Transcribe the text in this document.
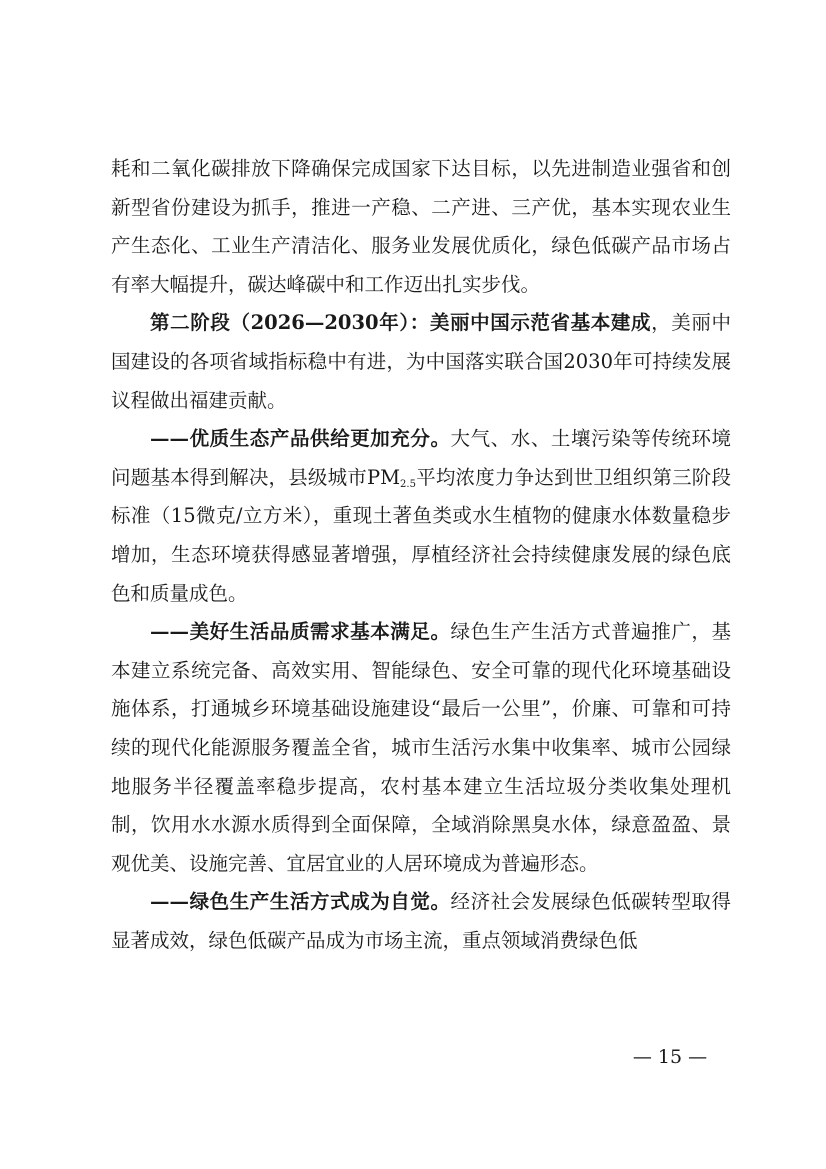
耗和二氧化碳排放下降确保完成国家下达目标，以先进制造业强省和创新型省份建设为抓手，推进一产稳、二产进、三产优，基本实现农业生产生态化、工业生产清洁化、服务业发展优质化，绿色低碳产品市场占有率大幅提升，碳达峰碳中和工作迈出扎实步伐。

第二阶段（2026—2030年）：美丽中国示范省基本建成，美丽中国建设的各项省域指标稳中有进，为中国落实联合国2030年可持续发展议程做出福建贡献。

——优质生态产品供给更加充分。大气、水、土壤污染等传统环境问题基本得到解决，县级城市$PM_{2.5}$平均浓度力争达到世卫组织第三阶段标准（15微克/立方米），重现土著鱼类或水生植物的健康水体数量稳步增加，生态环境获得感显著增强，厚植经济社会持续健康发展的绿色底色和质量成色。

——美好生活品质需求基本满足。绿色生产生活方式普遍推广，基本建立系统完备、高效实用、智能绿色、安全可靠的现代化环境基础设施体系，打通城乡环境基础设施建设“最后一公里”，价廉、可靠和可持续的现代化能源服务覆盖全省，城市生活污水集中收集率、城市公园绿地服务半径覆盖率稳步提高，农村基本建立生活垃圾分类收集处理机制，饮用水水源水质得到全面保障，全域消除黑臭水体，绿意盈盈、景观优美、设施完善、宜居宜业的人居环境成为普遍形态。

——绿色生产生活方式成为自觉。经济社会发展绿色低碳转型取得显著成效，绿色低碳产品成为市场主流，重点领域消费绿色低

— 15 —
